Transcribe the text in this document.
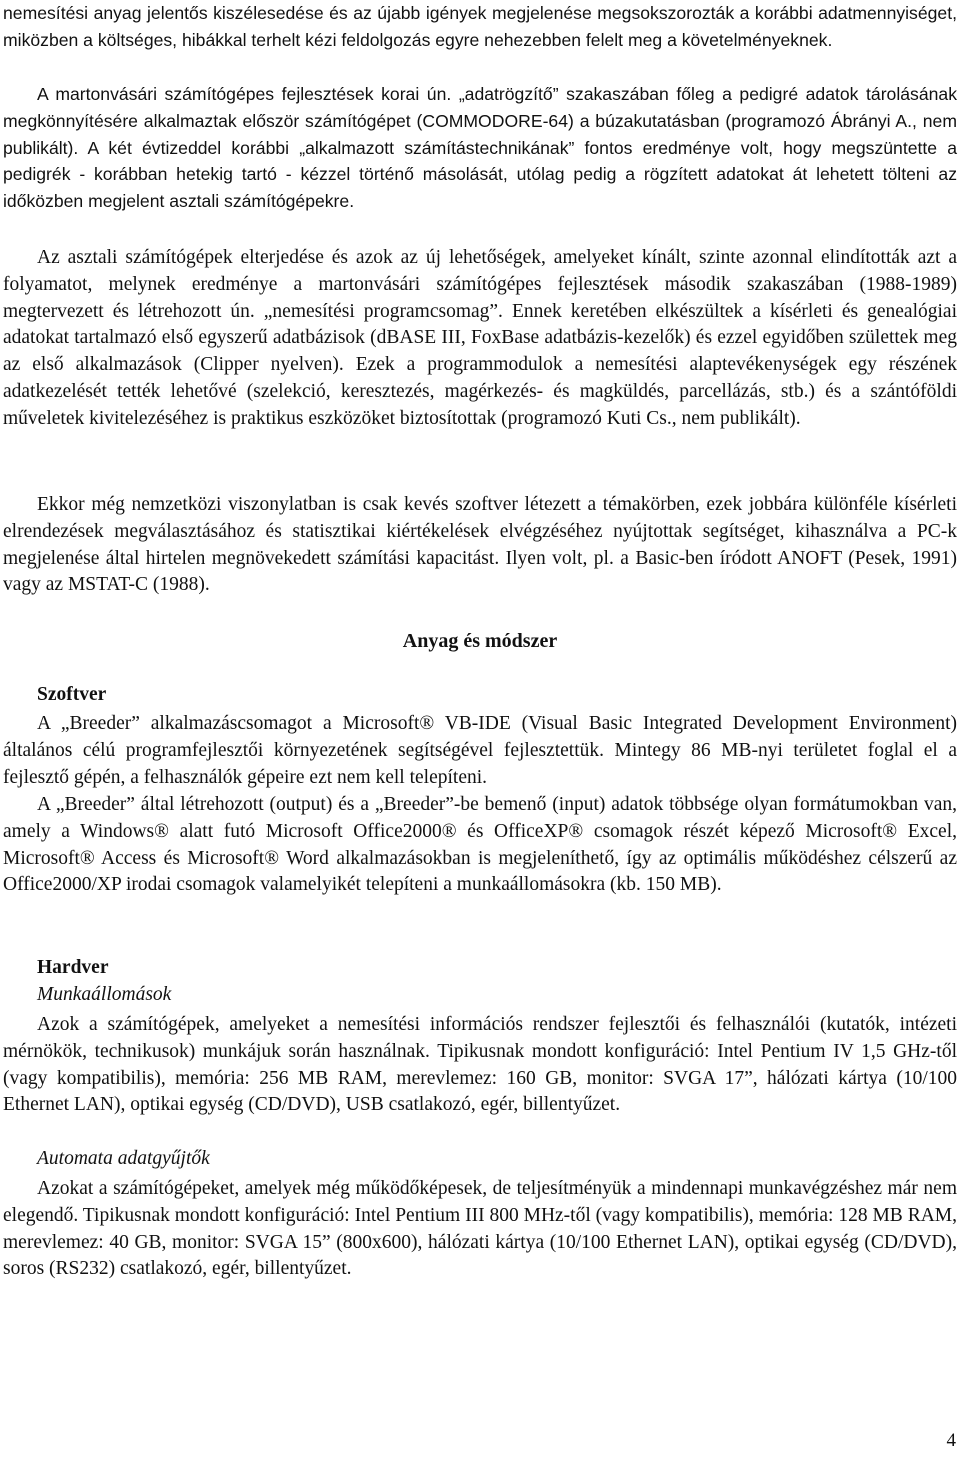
nemesítési anyag jelentős kiszélesedése és az újabb igények megjelenése megsokszorozták a korábbi adatmennyiséget, miközben a költséges, hibákkal terhelt kézi feldolgozás egyre nehezebben felelt meg a követelményeknek.

A martonvásári számítógépes fejlesztések korai ún. „adatrögzítő” szakaszában főleg a pedigré adatok tárolásának megkönnyítésére alkalmaztak először számítógépet (COMMODORE-64) a búzakutatásban (programozó Ábrányi A., nem publikált). A két évtizeddel korábbi „alkalmazott számítástechnikának” fontos eredménye volt, hogy megszüntette a pedigrék - korábban hetekig tartó - kézzel történő másolását, utólag pedig a rögzített adatokat át lehetett tölteni az időközben megjelent asztali számítógépekre.

Az asztali számítógépek elterjedése és azok az új lehetőségek, amelyeket kínált, szinte azonnal elindították azt a folyamatot, melynek eredménye a martonvásári számítógépes fejlesztések második szakaszában (1988-1989) megtervezett és létrehozott ún. „nemesítési programcsomag”. Ennek keretében elkészültek a kísérleti és genealógiai adatokat tartalmazó első egyszerű adatbázisok (dBASE III, FoxBase adatbázis-kezelők) és ezzel egyidőben születtek meg az első alkalmazások (Clipper nyelven). Ezek a programmodulok a nemesítési alaptevékenységek egy részének adatkezelését tették lehetővé (szelekció, keresztezés, magérkezés- és magküldés, parcellázás, stb.) és a szántóföldi műveletek kivitelezéséhez is praktikus eszközöket biztosítottak (programozó Kuti Cs., nem publikált).

Ekkor még nemzetközi viszonylatban is csak kevés szoftver létezett a témakörben, ezek jobbára különféle kísérleti elrendezések megválasztásához és statisztikai kiértékelések elvégzéséhez nyújtottak segítséget, kihasználva a PC-k megjelenése által hirtelen megnövekedett számítási kapacitást. Ilyen volt, pl. a Basic-ben íródott ANOFT (Pesek, 1991) vagy az MSTAT-C (1988).

Anyag és módszer
Szoftver

A „Breeder” alkalmazáscsomagot a Microsoft® VB-IDE (Visual Basic Integrated Development Environment) általános célú programfejlesztői környezetének segítségével fejlesztettük. Mintegy 86 MB-nyi területet foglal el a fejlesztő gépén, a felhasználók gépeire ezt nem kell telepíteni.

A „Breeder” által létrehozott (output) és a „Breeder”-be bemenő (input) adatok többsége olyan formátumokban van, amely a Windows® alatt futó Microsoft Office2000® és OfficeXP® csomagok részét képező Microsoft® Excel, Microsoft® Access és Microsoft® Word alkalmazásokban is megjeleníthető, így az optimális működéshez célszerű az Office2000/XP irodai csomagok valamelyikét telepíteni a munkaállomásokra (kb. 150 MB).

Hardver
Munkaállomások

Azok a számítógépek, amelyeket a nemesítési információs rendszer fejlesztői és felhasználói (kutatók, intézeti mérnökök, technikusok) munkájuk során használnak. Tipikusnak mondott konfiguráció: Intel Pentium IV 1,5 GHz-től (vagy kompatibilis), memória: 256 MB RAM, merevlemez: 160 GB, monitor: SVGA 17”, hálózati kártya (10/100 Ethernet LAN), optikai egység (CD/DVD), USB csatlakozó, egér, billentyűzet.

Automata adatgyűjtők

Azokat a számítógépeket, amelyek még működőképesek, de teljesítményük a mindennapi munkavégzéshez már nem elegendő. Tipikusnak mondott konfiguráció: Intel Pentium III 800 MHz-től (vagy kompatibilis), memória: 128 MB RAM, merevlemez: 40 GB, monitor: SVGA 15” (800x600), hálózati kártya (10/100 Ethernet LAN), optikai egység (CD/DVD), soros (RS232) csatlakozó, egér, billentyűzet.

4
